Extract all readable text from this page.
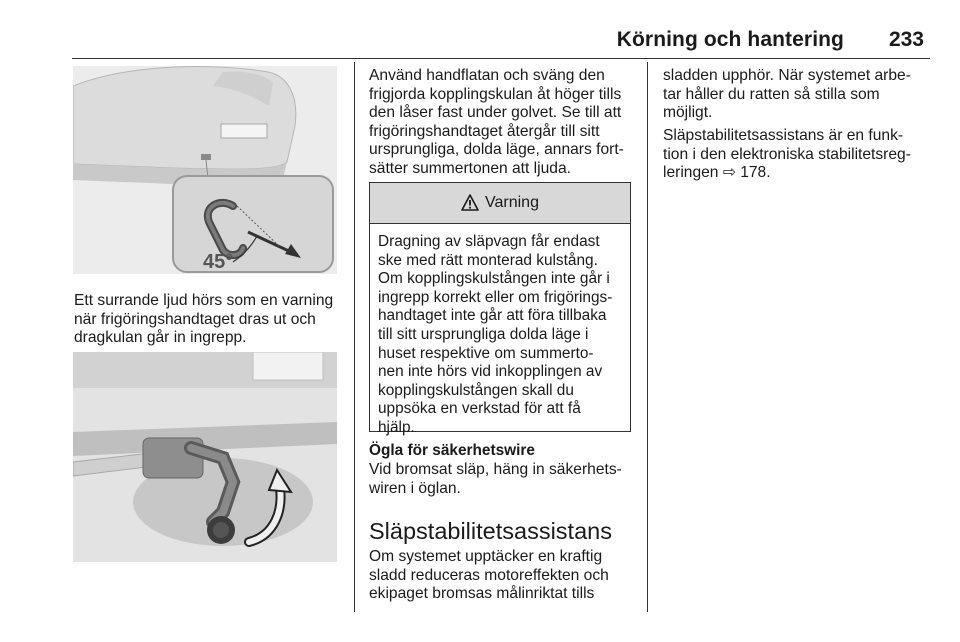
Körning och hantering 233
45°

Ett surrande ljud hörs som en varning
när frigöringshandtaget dras ut och
dragkulan går in ingrepp.

Använd handflatan och sväng den
frigjorda kopplingskulan åt höger tills
den låser fast under golvet. Se till att
frigöringshandtaget återgår till sitt
ursprungliga, dolda läge, annars fort-
sätter summertonen att ljuda.

Varning

Dragning av släpvagn får endast
ske med rätt monterad kulstång.
Om kopplingskulstången inte går i
ingrepp korrekt eller om frigörings-
handtaget inte går att föra tillbaka
till sitt ursprungliga dolda läge i
huset respektive om summerto-
nen inte hörs vid inkopplingen av
kopplingskulstången skall du
uppsöka en verkstad för att få
hjälp.

Ögla för säkerhetswire

Vid bromsat släp, häng in säkerhets-
wiren i öglan.

Släpstabilitetsassistans

Om systemet upptäcker en kraftig
sladd reduceras motoreffekten och
ekipaget bromsas målinriktat tills

sladden upphör. När systemet arbe-
tar håller du ratten så stilla som
möjligt.

Släpstabilitetsassistans är en funk-
tion i den elektroniska stabilitetsreg-
leringen ⇨ 178.
